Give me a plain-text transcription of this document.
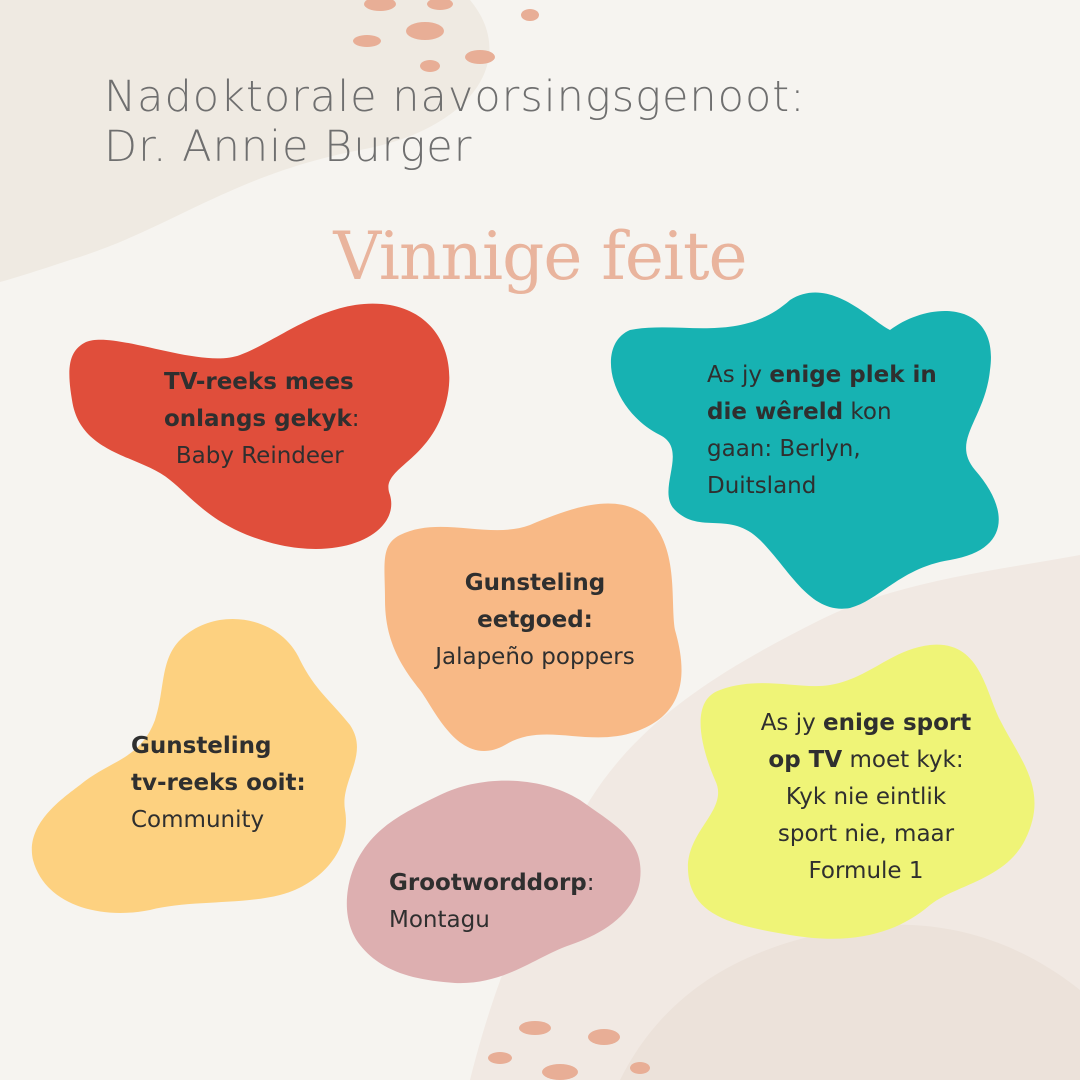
Nadoktorale navorsingsgenoot:
Dr. Annie Burger
Vinnige feite
TV-reeks mees
onlangs gekyk:
Baby Reindeer
As jy enige plek in
die wêreld kon
gaan: Berlyn,
Duitsland
Gunsteling
eetgoed:
Jalapeño poppers
Gunsteling
tv-reeks ooit:
Community
Grootworddorp:
Montagu
As jy enige sport
op TV moet kyk:
Kyk nie eintlik
sport nie, maar
Formule 1
